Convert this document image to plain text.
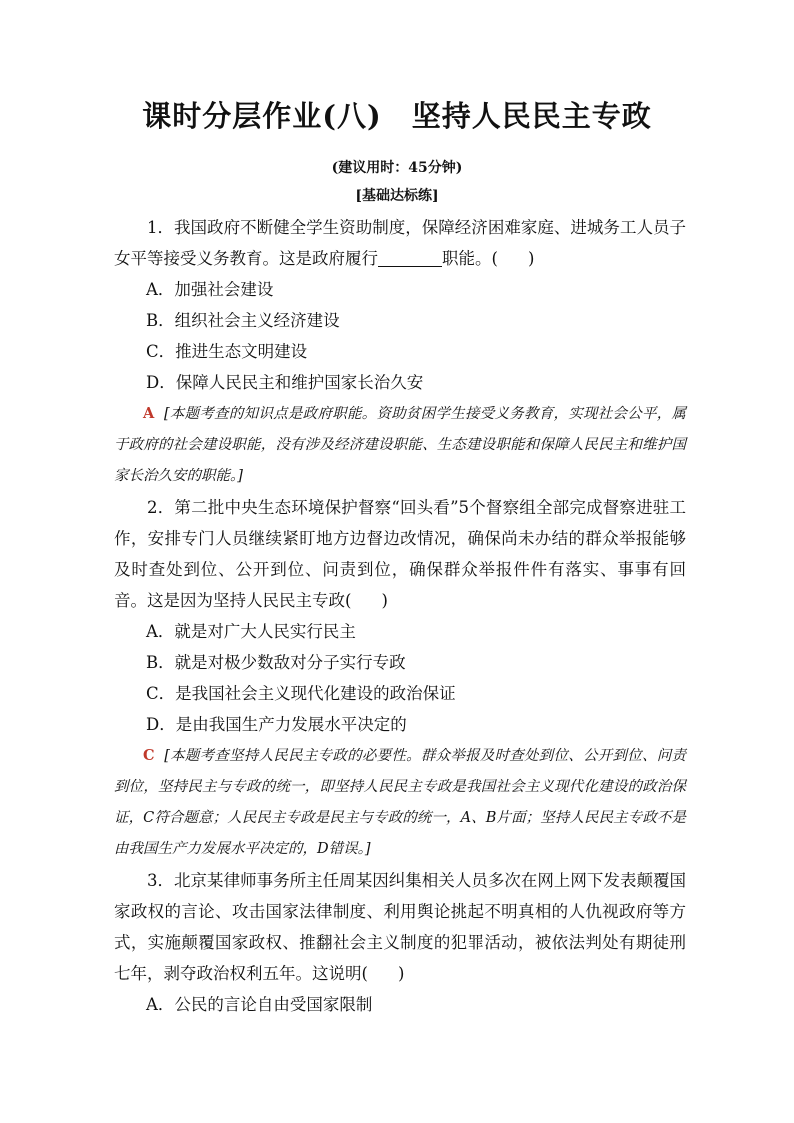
课时分层作业(八) 坚持人民民主专政
(建议用时：45分钟)
[基础达标练]

1．我国政府不断健全学生资助制度，保障经济困难家庭、进城务工人员子女平等接受义务教育。这是政府履行	职能。( )

A．加强社会建设

B．组织社会主义经济建设

C．推进生态文明建设

D．保障人民民主和维护国家长治久安

A [本题考查的知识点是政府职能。资助贫困学生接受义务教育，实现社会公平，属于政府的社会建设职能，没有涉及经济建设职能、生态建设职能和保障人民民主和维护国家长治久安的职能。]

2．第二批中央生态环境保护督察“回头看”5个督察组全部完成督察进驻工作，安排专门人员继续紧盯地方边督边改情况，确保尚未办结的群众举报能够及时查处到位、公开到位、问责到位，确保群众举报件件有落实、事事有回音。这是因为坚持人民民主专政( )

A．就是对广大人民实行民主

B．就是对极少数敌对分子实行专政

C．是我国社会主义现代化建设的政治保证

D．是由我国生产力发展水平决定的

C [本题考查坚持人民民主专政的必要性。群众举报及时查处到位、公开到位、问责到位，坚持民主与专政的统一，即坚持人民民主专政是我国社会主义现代化建设的政治保证，C符合题意；人民民主专政是民主与专政的统一，A、B片面；坚持人民民主专政不是由我国生产力发展水平决定的，D错误。]

3．北京某律师事务所主任周某因纠集相关人员多次在网上网下发表颠覆国家政权的言论、攻击国家法律制度、利用舆论挑起不明真相的人仇视政府等方式，实施颠覆国家政权、推翻社会主义制度的犯罪活动，被依法判处有期徒刑七年，剥夺政治权利五年。这说明( )

A．公民的言论自由受国家限制
